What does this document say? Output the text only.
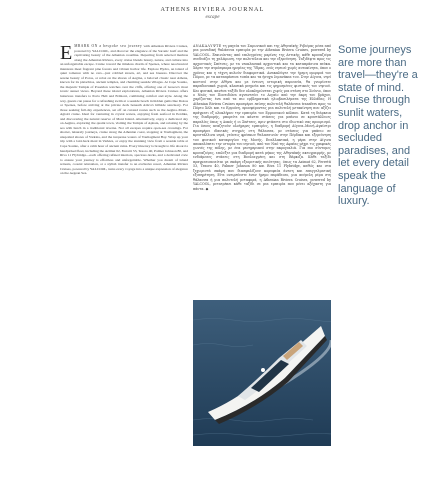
ATHENS RIVIERA JOURNAL
escape
EMBARK ON a bespoke sea journey with Athenian Riviera Cruises, powered by YALCOOL, and discover the elegance of the Saronic Gulf and the captivating beauty of the Athenian coastline. Departing from selected marinas along the Athenian Riviera, every cruise blends luxury, nature, and culture into an unforgettable escape. Cruise toward the timeless charm of Spetses, where neoclassical mansions meet fragrant pine forests and vibrant harbor life. Explore Hydra, an island of quiet romance with no cars—just cobbled streets, art, and sea breezes. Discover the serene beauty of Poros, or relax on the shores of Aegina, a beloved classic near Athens, known for its pistachios, ancient temples, and charming seaside villages. At Cape Sounio, the majestic Temple of Poseidon watches over the cliffs, offering one of Greece's most iconic sunset views. Beyond these island explorations, Athenian Riviera Cruises offers luxurious transfers to Porto Heli and Ermioni, combining comfort and style. Along the way, guests can pause for a refreshing swim at a seaside beach in hidden gems like Dokos or Spetses, before arriving at the private deck beneath Attica's hillside sanctuary. For those seeking full-day experiences, set off on curated routes such as the Aegina–Moni–Agistri cruise. Ideal for venturing in crystal waters, enjoying fresh seafood in Perdika, and discovering the natural reserve of Moni Island. Alternatively, enjoy a dedicated day on Aegina, exploring the quaint town, visiting the Temple of Aphaia, and relaxing by the sea with lunch in a traditional taverna. Not all escapes require open-sea crossings. For shorter, leisurely journeys, cruise along the Athenian coast, stopping at Vouliagmeni, the unspoiled shores of Varkiza, and the turquoise waters of Vouliagmeni Bay. Wrap up your trip with a laid-back meal in Varkiza, or enjoy the stunning view from a seaside table at Cape Sounio, after a calm hour of ancient ruins. Every itinerary is brought to life aboard a handpicked fleet, including the Azimut 62, Ferretti 53, Tesoro 40, Palmer Johnson 80, and Riva 11 Flybridge—each offering refined interiors, spacious decks, and a dedicated crew to ensure your journey is effortless and unforgettable. Whether you dream of island retreats, coastal relaxation, or a stylish transfer to an exclusive resort, Athenian Riviera Cruises, powered by YALCOOL, turns every voyage into a unique expression of elegance on the Aegean Sea.
ΑΝΑΚΑΛΥΨΤΕ τη μαγεία του Σαρωνικού και της Αθηναϊκής Ριβιέρας μέσα από μια μοναδική θαλάσσια εμπειρία με την Athenian Riviera Cruises, powered by YALCOOL. Ξεκινώντας από επιλεγμένες μαρίνες της Αττικής, κάθε κρουαζιέρα συνδυάζει τη χαλάρωση, την πολυτέλεια και την εξερεύνηση. Ταξιδέψτε προς τις αρχοντικές Σπέτσες, με τα νεοκλασικά αρχοντικά και τα καταπράσινα πεύκα. Χάρτε την ατμόσφαιρα ηρεμίας της Ύδρας, ενός νησιού χωρίς αυτοκίνητα, όπου ο χρόνος και η τέχνη κυλούν διαφορετικά. Ανακαλύψτε την ήρεμη ομορφιά του Πόρου, με τα καταπράσινα τοπία και τα ήσυχα λιμανάκια του. Στην Αίγινα, νησί κοντινό στην Αθήνα και με έντονη ιστορική παρουσία, θα γνωρίσετε παραδοσιακά χωριά, κλασικά μνημεία και τις φημισμένες φιστικιές του νησιού. Και φυσικά, κανένα ταξίδι δεν ολοκληρώνεται χωρίς μια στάση στο Σούνιο, όπου ο Ναός του Ποσειδώνα αγναντεύει το Αιγαίο από την άκρη του βράχου, χαρίζοντας ένα από τα πιο εμβληματικά ηλιοβασιλέματα της Ελλάδας. Η Athenian Riviera Cruises προσφέρει επίσης πολυτελή θαλάσσια transfers προς το Πόρτο Χέλι και το Ερμιόνη, προσφέροντας μια πολυτελή μετακίνηση που αξίζει πράγματι εξ ολοκλήρου την εμπειρία του Ερμιονικού κόλπου. Κατά τη διάρκεια της διαδρομής, μπορείτε να κάνετε στάσεις για μπάνιο σε κρυστάλλινες παραλίες όπως η Δοκός ή οι Σπέτσες, πριν φτάσετε στο ιδιωτικό σας προορισμό. Για όσους αναζητούν ολοήμερες εμπειρίες, η διαδρομή Αίγινα–Μονή–Αγκίστρι προσφέρει ιδανικές στιγμές στη θάλασσα, με στάσεις για μπάνιο σε κρυστάλλινα νερά, γεύσεις φρέσκων θαλασσινών στην Πέρδικα και εξερεύνηση του φυσικού καταφυγίου της Μονής. Εναλλακτικά, η μέρα στην Αίγινα αποκαλύπτει την ιστορία του νησιού, από τον Ναό της Αφαίας μέχρι τις γραφικές γωνιές της πόλης, με ένα μεσημεριανό στην ακρογιαλιά. Για πιο σύντομες κρουαζιέρες, επιλέξτε μια διαδρομή κατά μήκος της Αθηναϊκής ακτογραμμής, με ενδιάμεσες στάσεις στη Βουλιαγμένη και στη Βάρκιζα. Κάθε ταξίδι πραγματοποιείται με σκάφη εξαιρετικής ποιότητας, όπως τα Azimut 62, Ferretti 53, Tesoro 40, Palmer Johnson 80 και Riva 11 Flybridge, καθώς και στα ξεχωριστά σκάφη που διασφαλίζουν κορυφαία άνεση και επαγγελματική εξυπηρέτηση. Είτε ονειρεύεστε έναν ήρεμο παράδεισο, μια ανέμελη μέρα στη θάλασσα ή μια πολυτελή μεταφορά, η Athenian Riviera Cruises, powered by YALCOOL, μετατρέπει κάθε ταξίδι σε μια εμπειρία που μένει αξέχαστη για πάντα. ◆
Some journeys are more than travel—they're a state of mind. Cruise through sunlit waters, drop anchor in secluded paradises, and let every detail speak the language of luxury.
